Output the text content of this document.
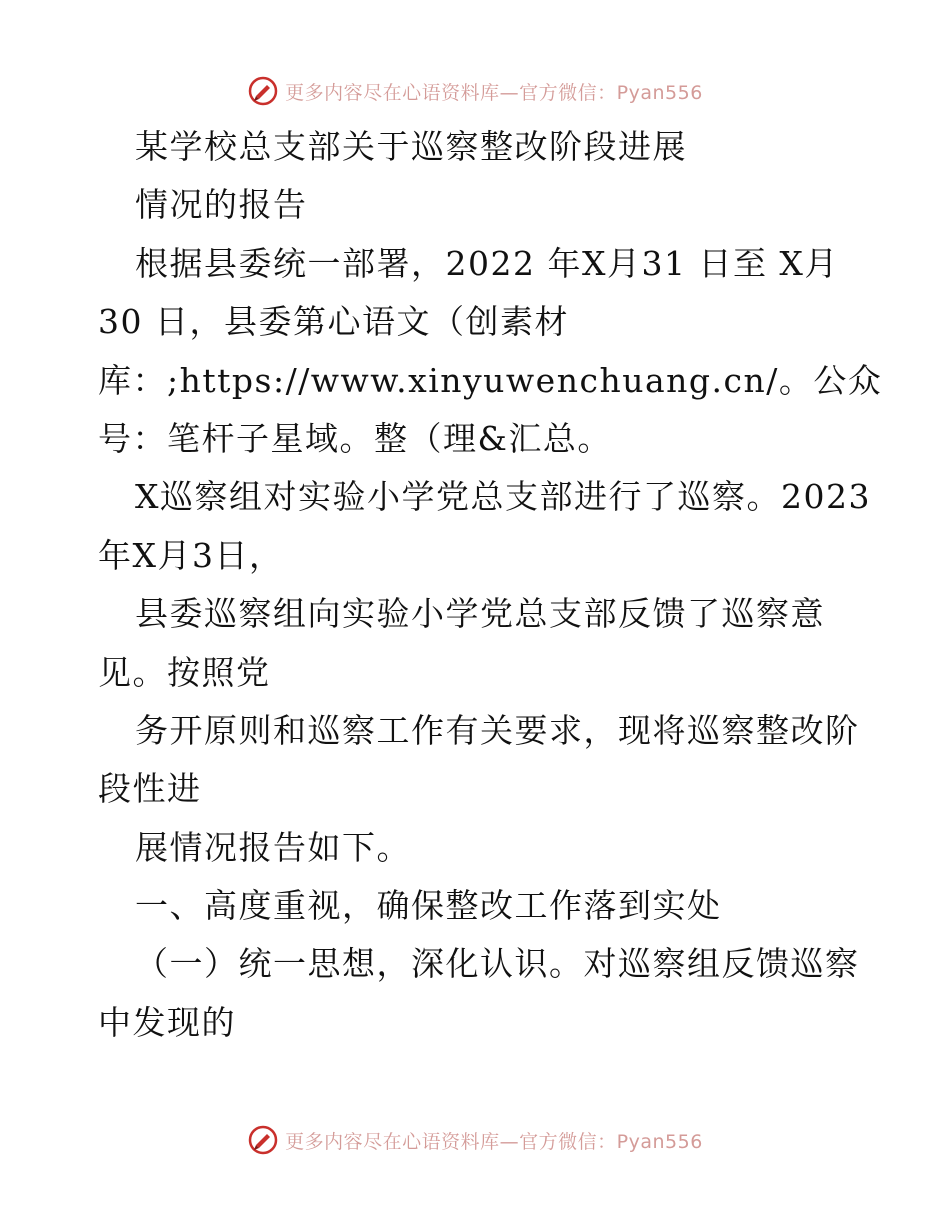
更多内容尽在心语资料库—官方微信：Pyan556
某学校总支部关于巡察整改阶段进展
情况的报告
根据县委统一部署，2022 年X月31 日至 X月
30 日，县委第心语文（创素材
库：;https://www.xinyuwenchuang.cn/。公众
号：笔杆子星域。整（理&汇总。
X巡察组对实验小学党总支部进行了巡察。2023
年X月3日，
县委巡察组向实验小学党总支部反馈了巡察意
见。按照党
务开原则和巡察工作有关要求，现将巡察整改阶
段性进
展情况报告如下。
一、高度重视，确保整改工作落到实处
（一）统一思想，深化认识。对巡察组反馈巡察
中发现的
更多内容尽在心语资料库—官方微信：Pyan556
